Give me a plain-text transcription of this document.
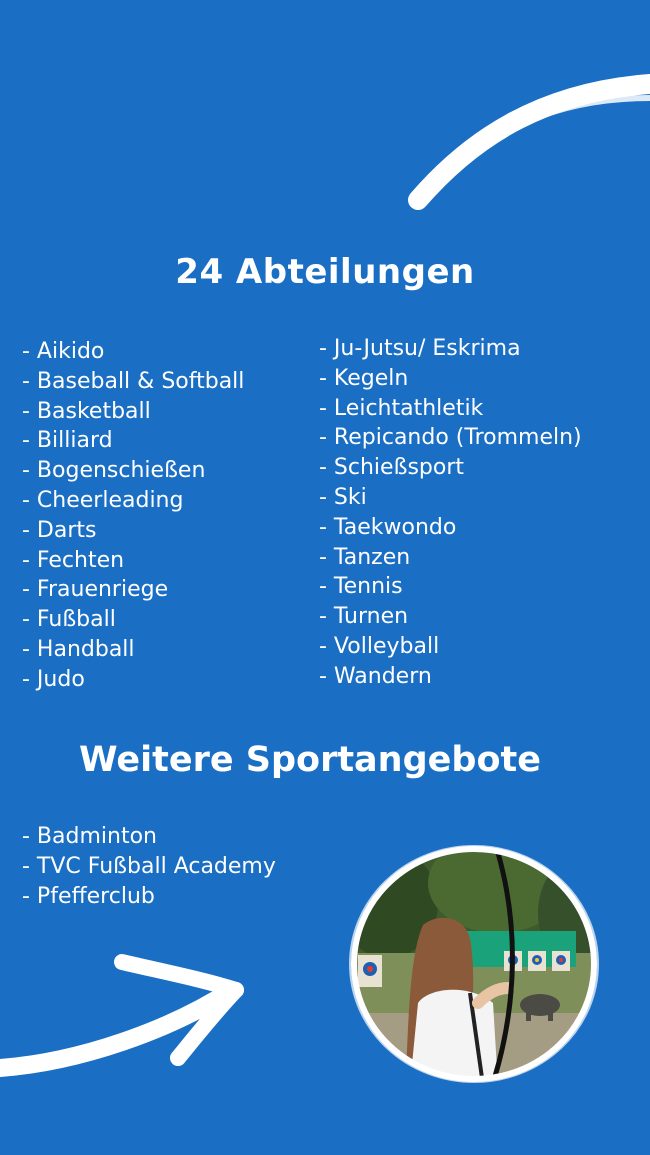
24 Abteilungen
- Aikido
- Baseball & Softball
- Basketball
- Billiard
- Bogenschießen
- Cheerleading
- Darts
- Fechten
- Frauenriege
- Fußball
- Handball
- Judo
- Ju-Jutsu/ Eskrima
- Kegeln
- Leichtathletik
- Repicando (Trommeln)
- Schießsport
- Ski
- Taekwondo
- Tanzen
- Tennis
- Turnen
- Volleyball
- Wandern
Weitere Sportangebote
- Badminton
- TVC Fußball Academy
- Pfefferclub
